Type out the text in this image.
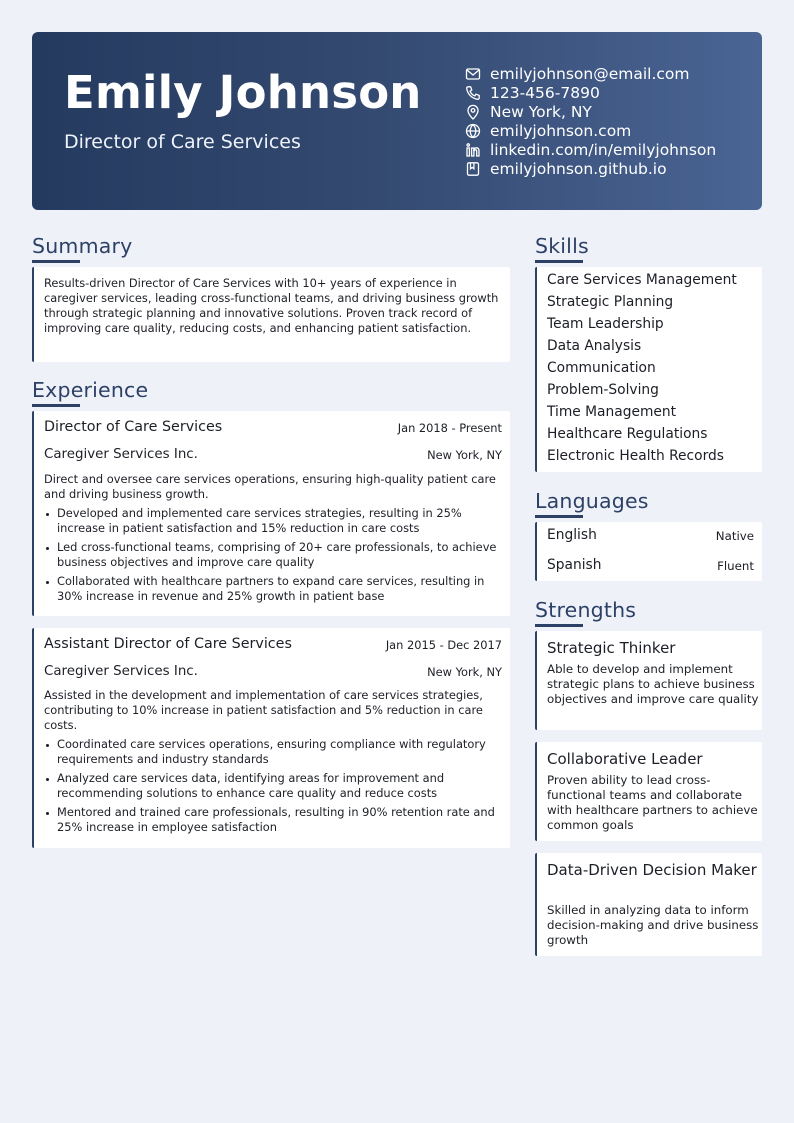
Emily Johnson
Director of Care Services
emilyjohnson@email.com
123-456-7890
New York, NY
emilyjohnson.com
linkedin.com/in/emilyjohnson
emilyjohnson.github.io
Summary
Results-driven Director of Care Services with 10+ years of experience in caregiver services, leading cross-functional teams, and driving business growth through strategic planning and innovative solutions. Proven track record of improving care quality, reducing costs, and enhancing patient satisfaction.
Experience
Director of Care Services	Jan 2018 - Present
Caregiver Services Inc.	New York, NY
Direct and oversee care services operations, ensuring high-quality patient care and driving business growth.
Developed and implemented care services strategies, resulting in 25% increase in patient satisfaction and 15% reduction in care costs
Led cross-functional teams, comprising of 20+ care professionals, to achieve business objectives and improve care quality
Collaborated with healthcare partners to expand care services, resulting in 30% increase in revenue and 25% growth in patient base
Assistant Director of Care Services	Jan 2015 - Dec 2017
Caregiver Services Inc.	New York, NY
Assisted in the development and implementation of care services strategies, contributing to 10% increase in patient satisfaction and 5% reduction in care costs.
Coordinated care services operations, ensuring compliance with regulatory requirements and industry standards
Analyzed care services data, identifying areas for improvement and recommending solutions to enhance care quality and reduce costs
Mentored and trained care professionals, resulting in 90% retention rate and 25% increase in employee satisfaction
Skills
Care Services Management
Strategic Planning
Team Leadership
Data Analysis
Communication
Problem-Solving
Time Management
Healthcare Regulations
Electronic Health Records
Languages
English	Native
Spanish	Fluent
Strengths
Strategic Thinker
Able to develop and implement strategic plans to achieve business objectives and improve care quality
Collaborative Leader
Proven ability to lead cross-functional teams and collaborate with healthcare partners to achieve common goals
Data-Driven Decision Maker
Skilled in analyzing data to inform decision-making and drive business growth
